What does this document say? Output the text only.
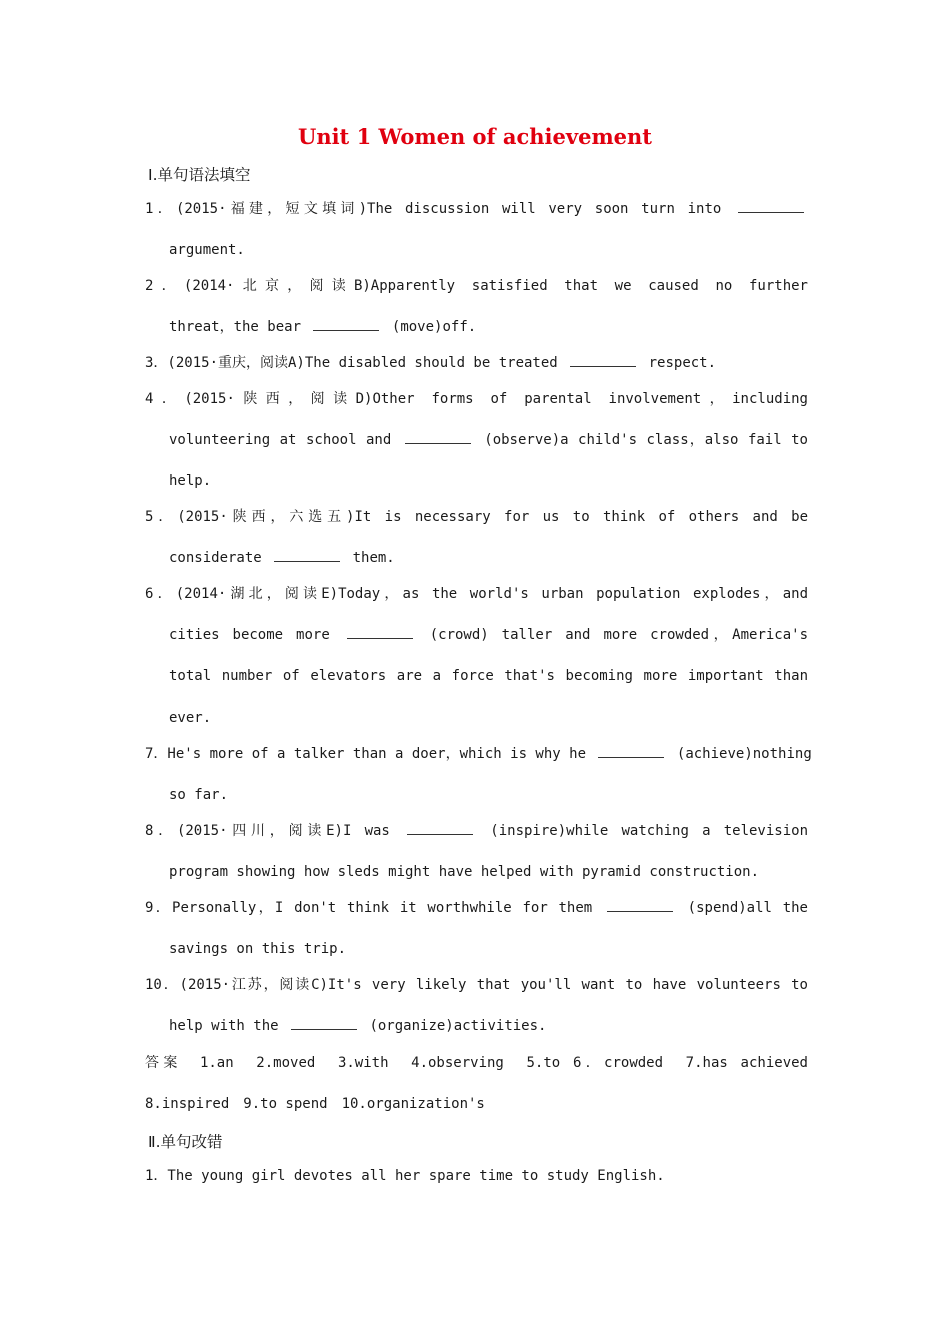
Unit 1 Women of achievement
Ⅰ.单句语法填空
1．(2015·福建，短文填词)The discussion will very soon turn into
argument.
2．(2014·北京，阅读B)Apparently satisfied that we caused no further
threat，the bear	(move)off.
3．(2015·重庆，阅读A)The disabled should be treated	respect.
4．(2015·陕西，阅读D)Other forms of parental involvement，including
volunteering at school and	(observe)a child's class，also fail to
help.
5．(2015·陕西，六选五)It is necessary for us to think of others and be
considerate	them.
6．(2014·湖北，阅读E)Today，as the world's urban population explodes，and
cities become more	(crowd) taller and more crowded，America's
total number of elevators are a force that's becoming more important than
ever.
7．He's more of a talker than a doer，which is why he	(achieve)nothing
so far.
8．(2015·四川，阅读E)I was	(inspire)while watching a television
program showing how sleds might have helped with pyramid construction.
9．Personally，I don't think it worthwhile for them	(spend)all the
savings on this trip.
10．(2015·江苏，阅读C)It's very likely that you'll want to have volunteers to
help with the	(organize)activities.
答案　1.an　2.moved　3.with　4.observing　5.to 6．crowded　7.has achieved
8.inspired　9.to spend　10.organization's
Ⅱ.单句改错
1．The young girl devotes all her spare time to study English.
